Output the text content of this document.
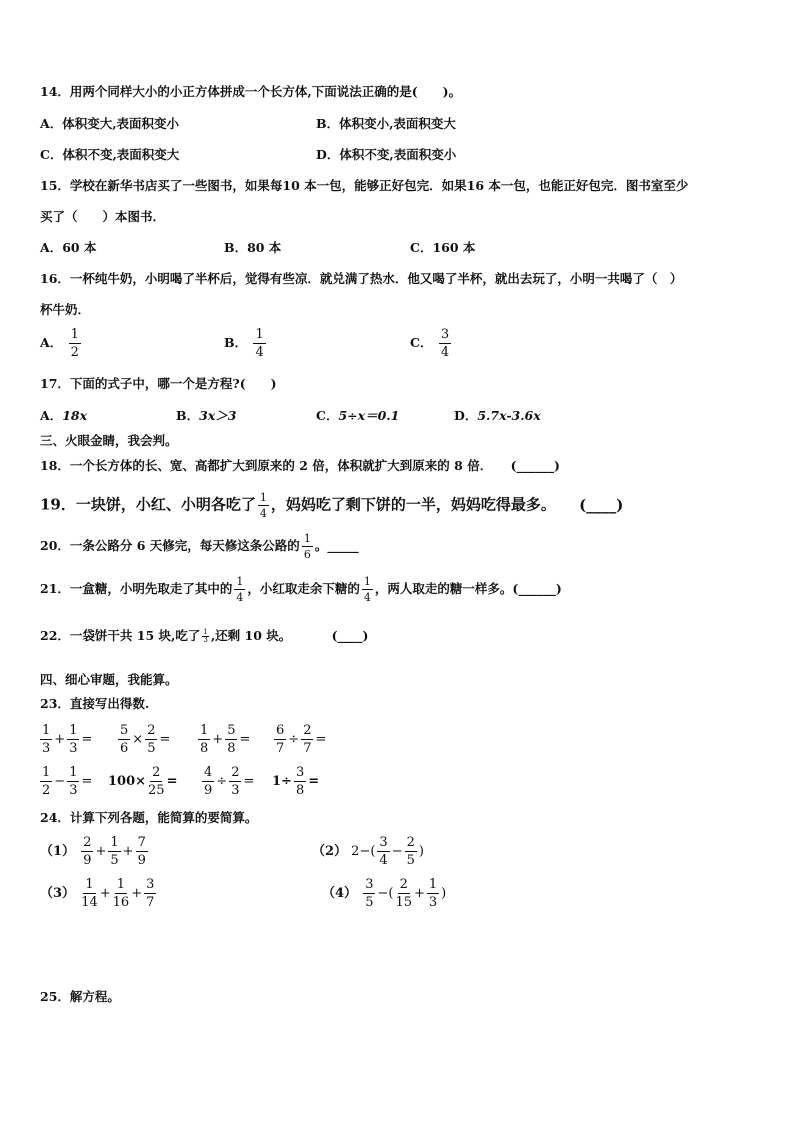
14．用两个同样大小的小正方体拼成一个长方体,下面说法正确的是(　　)。
A．体积变大,表面积变小	B．体积变小,表面积变大
C．体积不变,表面积变大	D．体积不变,表面积变小
15．学校在新华书店买了一些图书，如果每10 本一包，能够正好包完．如果16 本一包，也能正好包完．图书室至少
买了（　　）本图书．
A．60 本	B．80 本	C．160 本
16．一杯纯牛奶，小明喝了半杯后，觉得有些凉．就兑满了热水．他又喝了半杯，就出去玩了，小明一共喝了（　）
杯牛奶．
A． $\frac{1}{2}$	B． $\frac{1}{4}$	C． $\frac{3}{4}$
17．下面的式子中，哪一个是方程?(　　)
A．18x	B．3x＞3	C．5÷x＝0.1	D．5.7x-3.6x
三、火眼金睛，我会判。
18．一个长方体的长、宽、高都扩大到原来的 2 倍，体积就扩大到原来的 8 倍． (______)
19．一块饼，小红、小明各吃了 $\frac{1}{4}$ ，妈妈吃了剩下饼的一半，妈妈吃得最多。 (____)
20．一条公路分 6 天修完，每天修这条公路的 $\frac{1}{6}$ 。_____
21．一盒糖，小明先取走了其中的 $\frac{1}{4}$ ，小红取走余下糖的 $\frac{1}{4}$ ，两人取走的糖一样多。(______)
22．一袋饼干共 15 块,吃了 $\frac{1}{3}$ ,还剩 10 块。	(____)
四、细心审题，我能算。
23．直接写出得数.
$\frac{1}{3} + \frac{1}{3} = \frac{5}{6} \times \frac{2}{5} = \frac{1}{8} + \frac{5}{8} = \frac{6}{7} \div \frac{2}{7}$ =
$\frac{1}{2} - \frac{1}{3} = 100\times \frac{2}{25} = \frac{4}{9} \div \frac{2}{3} = 1\div \frac{3}{8}$ =
24．计算下列各题，能简算的要简算。
$(1) \frac{2}{9} + \frac{1}{5} + \frac{7}{9}$	（2） $2-( \frac{3}{4} - \frac{2}{5}$ )
$(3) \frac{1}{14} + \frac{1}{16} + \frac{3}{7}$	$(4) \frac{3}{5}$ −( $\frac{2}{15} + \frac{1}{3}$ )
25．解方程。
